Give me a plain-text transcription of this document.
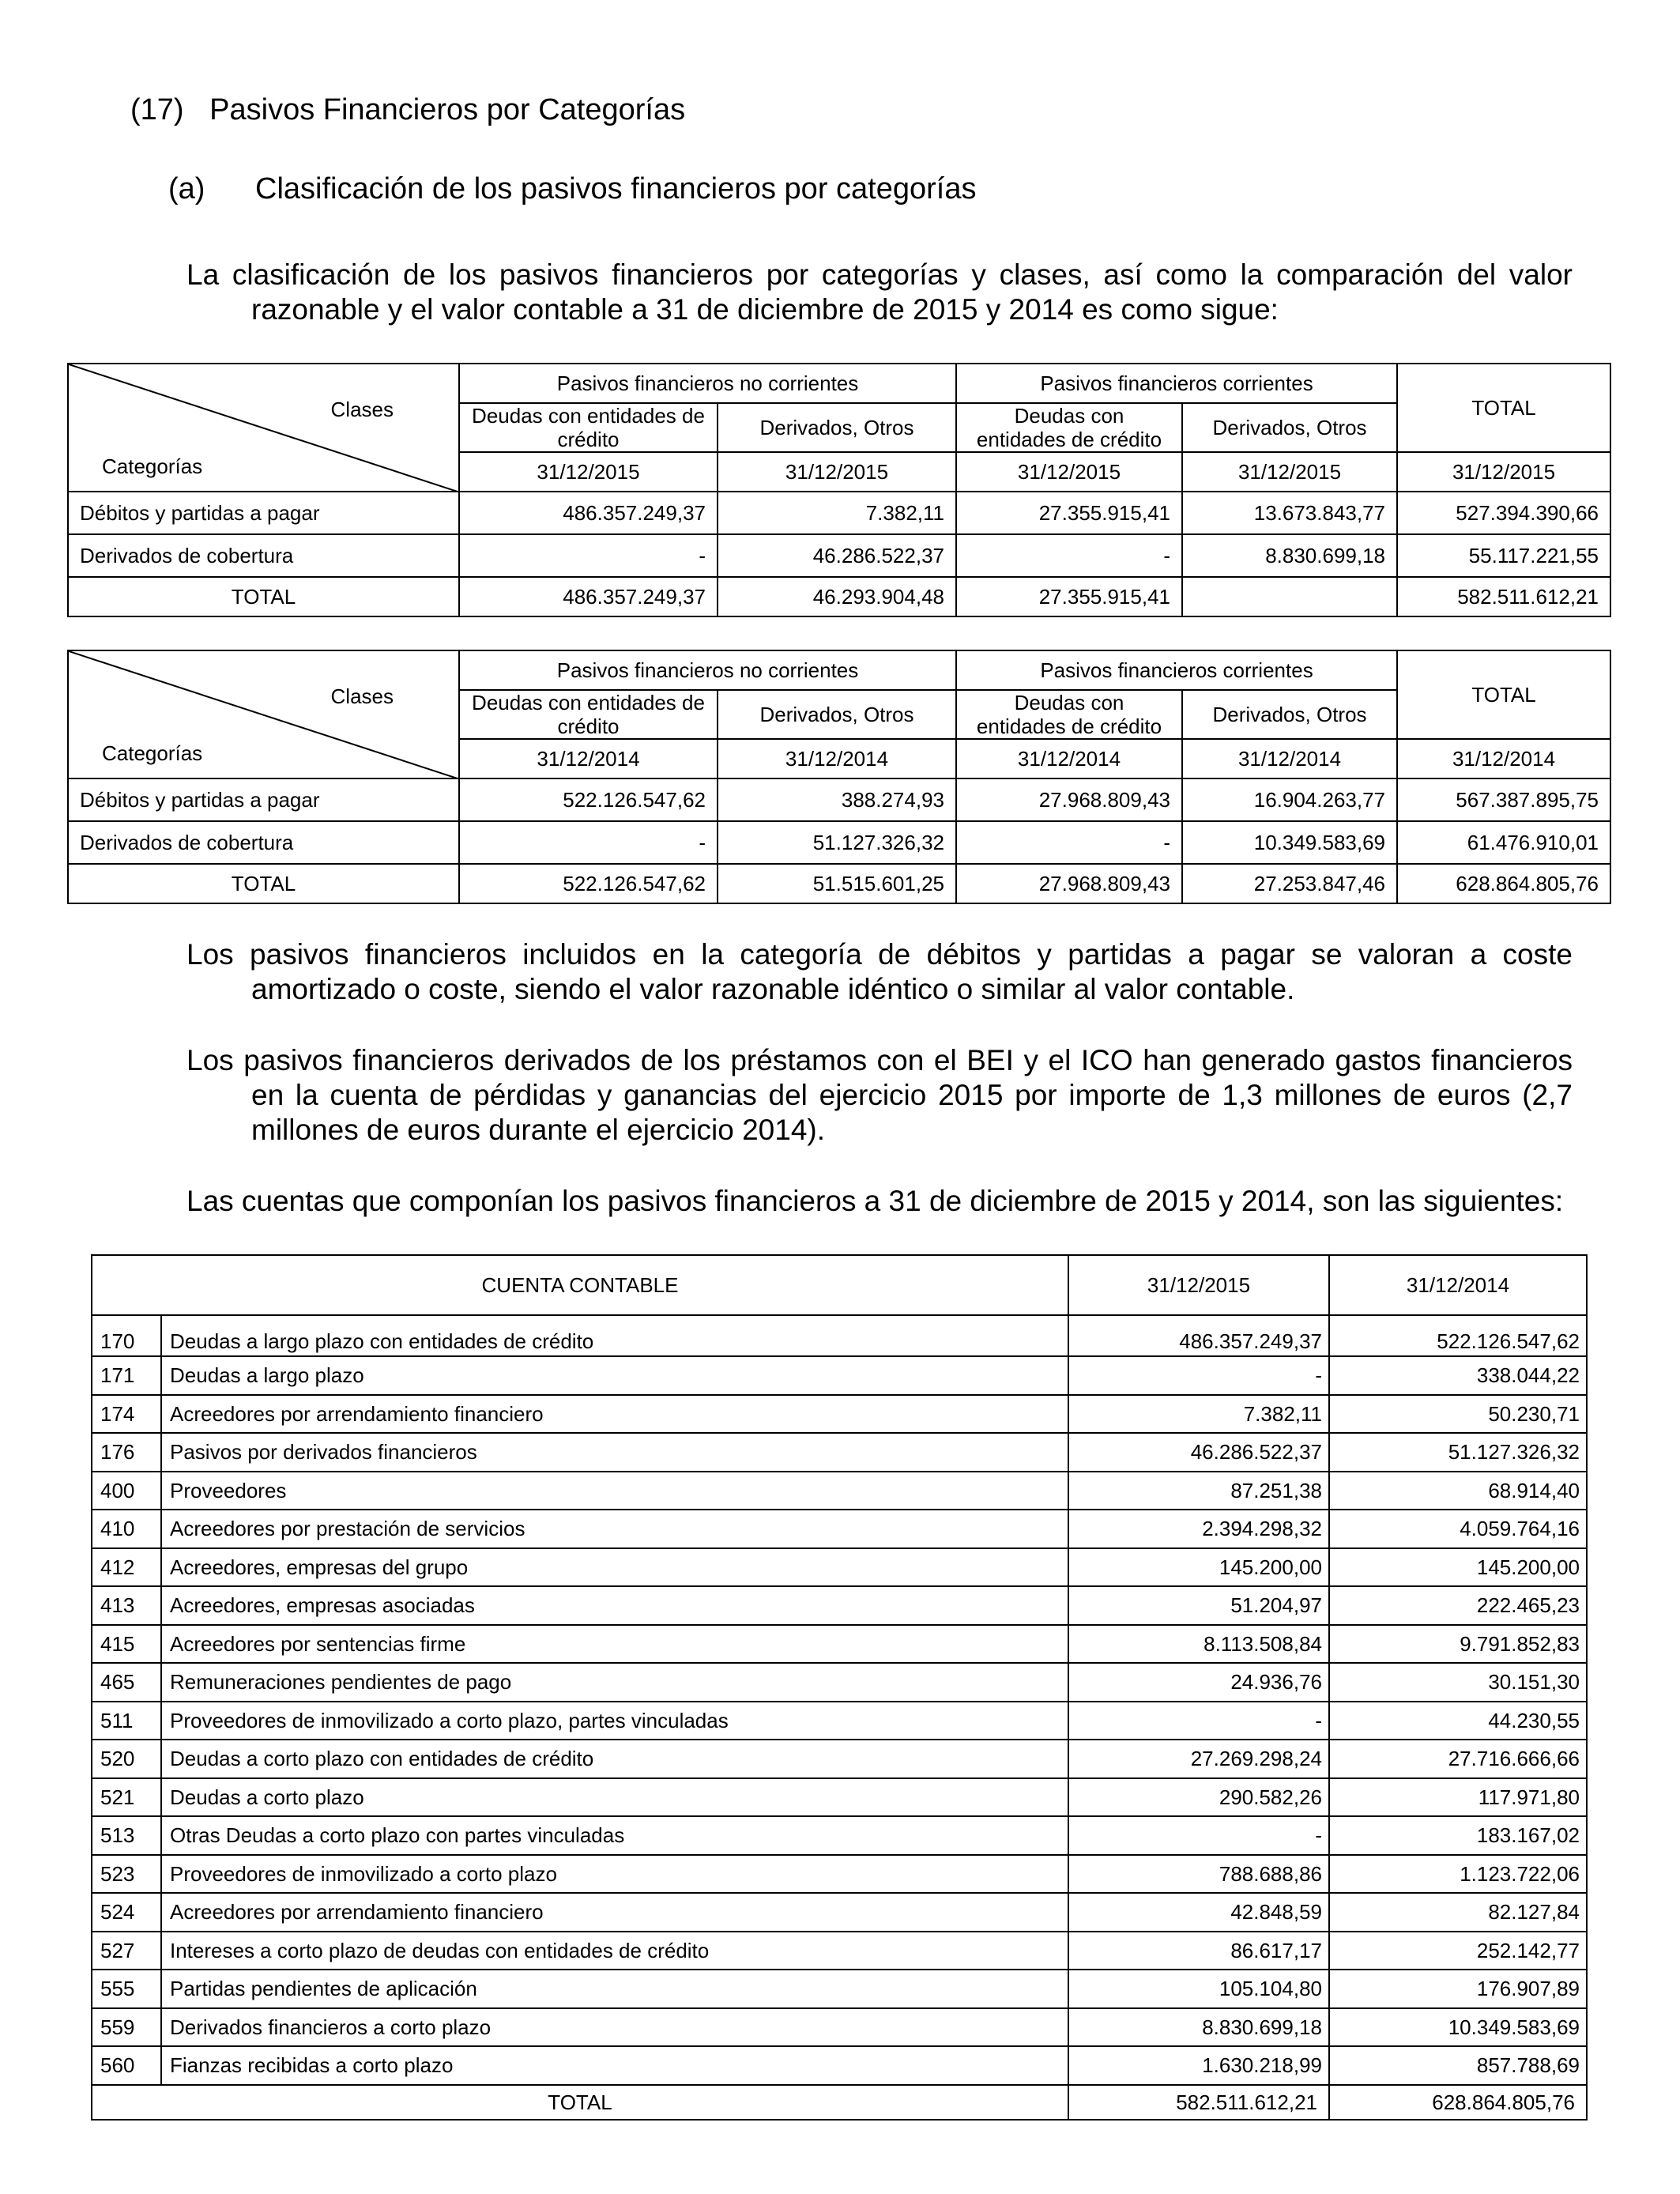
(17) Pasivos Financieros por Categorías
(a) Clasificación de los pasivos financieros por categorías
La clasificación de los pasivos financieros por categorías y clases, así como la comparación del valor razonable y el valor contable a 31 de diciembre de 2015 y 2014 es como sigue:
Clases
Categorías	Pasivos financieros no corrientes		Pasivos financieros corrientes		TOTAL
	Deudas con entidades de crédito	Derivados, Otros	Deudas con entidades de crédito	Derivados, Otros	
	31/12/2015	31/12/2015	31/12/2015	31/12/2015	31/12/2015
Débitos y partidas a pagar	486.357.249,37	7.382,11	27.355.915,41	13.673.843,77	527.394.390,66
Derivados de cobertura	-	46.286.522,37	-	8.830.699,18	55.117.221,55
TOTAL	486.357.249,37	46.293.904,48	27.355.915,41		582.511.612,21
Clases
Categorías	Pasivos financieros no corrientes		Pasivos financieros corrientes		TOTAL
	Deudas con entidades de crédito	Derivados, Otros	Deudas con entidades de crédito	Derivados, Otros	
	31/12/2014	31/12/2014	31/12/2014	31/12/2014	31/12/2014
Débitos y partidas a pagar	522.126.547,62	388.274,93	27.968.809,43	16.904.263,77	567.387.895,75
Derivados de cobertura	-	51.127.326,32	-	10.349.583,69	61.476.910,01
TOTAL	522.126.547,62	51.515.601,25	27.968.809,43	27.253.847,46	628.864.805,76
Los pasivos financieros incluidos en la categoría de débitos y partidas a pagar se valoran a coste amortizado o coste, siendo el valor razonable idéntico o similar al valor contable.
Los pasivos financieros derivados de los préstamos con el BEI y el ICO han generado gastos financieros en la cuenta de pérdidas y ganancias del ejercicio 2015 por importe de 1,3 millones de euros (2,7 millones de euros durante el ejercicio 2014).
Las cuentas que componían los pasivos financieros a 31 de diciembre de 2015 y 2014, son las siguientes:
CUENTA CONTABLE		31/12/2015	31/12/2014
170	Deudas a largo plazo con entidades de crédito	486.357.249,37	522.126.547,62
171	Deudas a largo plazo	-	338.044,22
174	Acreedores por arrendamiento financiero	7.382,11	50.230,71
176	Pasivos por derivados financieros	46.286.522,37	51.127.326,32
400	Proveedores	87.251,38	68.914,40
410	Acreedores por prestación de servicios	2.394.298,32	4.059.764,16
412	Acreedores, empresas del grupo	145.200,00	145.200,00
413	Acreedores, empresas asociadas	51.204,97	222.465,23
415	Acreedores por sentencias firme	8.113.508,84	9.791.852,83
465	Remuneraciones pendientes de pago	24.936,76	30.151,30
511	Proveedores de inmovilizado a corto plazo, partes vinculadas	-	44.230,55
520	Deudas a corto plazo con entidades de crédito	27.269.298,24	27.716.666,66
521	Deudas a corto plazo	290.582,26	117.971,80
513	Otras Deudas a corto plazo con partes vinculadas	-	183.167,02
523	Proveedores de inmovilizado a corto plazo	788.688,86	1.123.722,06
524	Acreedores por arrendamiento financiero	42.848,59	82.127,84
527	Intereses a corto plazo de deudas con entidades de crédito	86.617,17	252.142,77
555	Partidas pendientes de aplicación	105.104,80	176.907,89
559	Derivados financieros a corto plazo	8.830.699,18	10.349.583,69
560	Fianzas recibidas a corto plazo	1.630.218,99	857.788,69
TOTAL		582.511.612,21	628.864.805,76
